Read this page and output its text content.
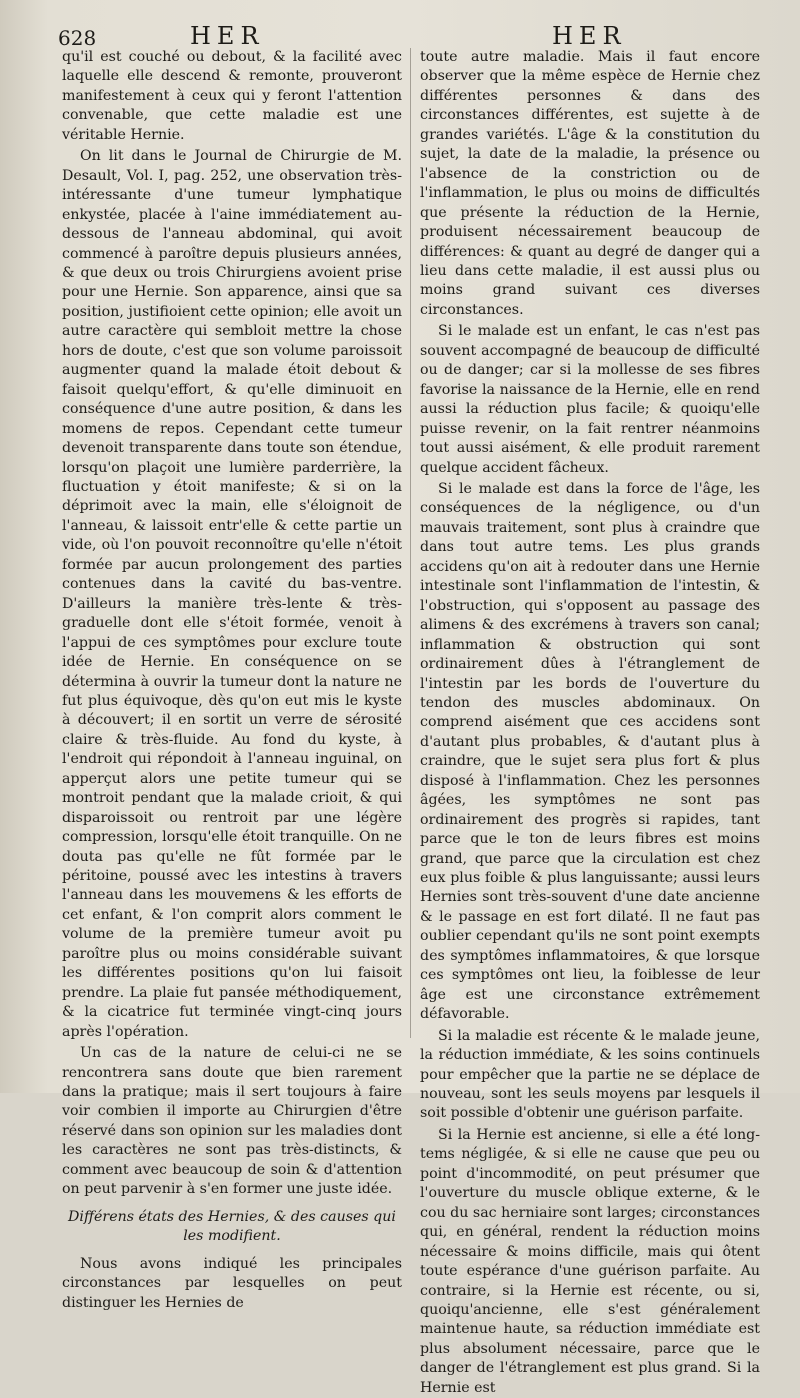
628	HER	HER

qu'il est couché ou debout, & la facilité avec laquelle elle descend & remonte, prouveront manifestement à ceux qui y feront l'attention convenable, que cette maladie est une véritable Hernie.

On lit dans le Journal de Chirurgie de M. Desault, Vol. I, pag. 252, une observation très-intéressante d'une tumeur lymphatique enkystée, placée à l'aine immédiatement au-dessous de l'anneau abdominal, qui avoit commencé à paroître depuis plusieurs années, & que deux ou trois Chirurgiens avoient prise pour une Hernie. Son apparence, ainsi que sa position, justifioient cette opinion; elle avoit un autre caractère qui sembloit mettre la chose hors de doute, c'est que son volume paroissoit augmenter quand la malade étoit debout & faisoit quelqu'effort, & qu'elle diminuoit en conséquence d'une autre position, & dans les momens de repos. Cependant cette tumeur devenoit transparente dans toute son étendue, lorsqu'on plaçoit une lumière parderrière, la fluctuation y étoit manifeste; & si on la déprimoit avec la main, elle s'éloignoit de l'anneau, & laissoit entr'elle & cette partie un vide, où l'on pouvoit reconnoître qu'elle n'étoit formée par aucun prolongement des parties contenues dans la cavité du bas-ventre. D'ailleurs la manière très-lente & très-graduelle dont elle s'étoit formée, venoit à l'appui de ces symptômes pour exclure toute idée de Hernie. En conséquence on se détermina à ouvrir la tumeur dont la nature ne fut plus équivoque, dès qu'on eut mis le kyste à découvert; il en sortit un verre de sérosité claire & très-fluide. Au fond du kyste, à l'endroit qui répondoit à l'anneau inguinal, on apperçut alors une petite tumeur qui se montroit pendant que la malade crioit, & qui disparoissoit ou rentroit par une légère compression, lorsqu'elle étoit tranquille. On ne douta pas qu'elle ne fût formée par le péritoine, poussé avec les intestins à travers l'anneau dans les mouvemens & les efforts de cet enfant, & l'on comprit alors comment le volume de la première tumeur avoit pu paroître plus ou moins considérable suivant les différentes positions qu'on lui faisoit prendre. La plaie fut pansée méthodiquement, & la cicatrice fut terminée vingt-cinq jours après l'opération.

Un cas de la nature de celui-ci ne se rencontrera sans doute que bien rarement dans la pratique; mais il sert toujours à faire voir combien il importe au Chirurgien d'être réservé dans son opinion sur les maladies dont les caractères ne sont pas très-distincts, & comment avec beaucoup de soin & d'attention on peut parvenir à s'en former une juste idée.

Différens états des Hernies, & des causes qui les modifient.

Nous avons indiqué les principales circonstances par lesquelles on peut distinguer les Hernies de

toute autre maladie. Mais il faut encore observer que la même espèce de Hernie chez différentes personnes & dans des circonstances différentes, est sujette à de grandes variétés. L'âge & la constitution du sujet, la date de la maladie, la présence ou l'absence de la constriction ou de l'inflammation, le plus ou moins de difficultés que présente la réduction de la Hernie, produisent nécessairement beaucoup de différences: & quant au degré de danger qui a lieu dans cette maladie, il est aussi plus ou moins grand suivant ces diverses circonstances.

Si le malade est un enfant, le cas n'est pas souvent accompagné de beaucoup de difficulté ou de danger; car si la mollesse de ses fibres favorise la naissance de la Hernie, elle en rend aussi la réduction plus facile; & quoiqu'elle puisse revenir, on la fait rentrer néanmoins tout aussi aisément, & elle produit rarement quelque accident fâcheux.

Si le malade est dans la force de l'âge, les conséquences de la négligence, ou d'un mauvais traitement, sont plus à craindre que dans tout autre tems. Les plus grands accidens qu'on ait à redouter dans une Hernie intestinale sont l'inflammation de l'intestin, & l'obstruction, qui s'opposent au passage des alimens & des excrémens à travers son canal; inflammation & obstruction qui sont ordinairement dûes à l'étranglement de l'intestin par les bords de l'ouverture du tendon des muscles abdominaux. On comprend aisément que ces accidens sont d'autant plus probables, & d'autant plus à craindre, que le sujet sera plus fort & plus disposé à l'inflammation. Chez les personnes âgées, les symptômes ne sont pas ordinairement des progrès si rapides, tant parce que le ton de leurs fibres est moins grand, que parce que la circulation est chez eux plus foible & plus languissante; aussi leurs Hernies sont très-souvent d'une date ancienne & le passage en est fort dilaté. Il ne faut pas oublier cependant qu'ils ne sont point exempts des symptômes inflammatoires, & que lorsque ces symptômes ont lieu, la foiblesse de leur âge est une circonstance extrêmement défavorable.

Si la maladie est récente & le malade jeune, la réduction immédiate, & les soins continuels pour empêcher que la partie ne se déplace de nouveau, sont les seuls moyens par lesquels il soit possible d'obtenir une guérison parfaite.

Si la Hernie est ancienne, si elle a été long-tems négligée, & si elle ne cause que peu ou point d'incommodité, on peut présumer que l'ouverture du muscle oblique externe, & le cou du sac herniaire sont larges; circonstances qui, en général, rendent la réduction moins nécessaire & moins difficile, mais qui ôtent toute espérance d'une guérison parfaite. Au contraire, si la Hernie est récente, ou si, quoiqu'ancienne, elle s'est généralement maintenue haute, sa réduction immédiate est plus absolument nécessaire, parce que le danger de l'étranglement est plus grand. Si la Hernie est
